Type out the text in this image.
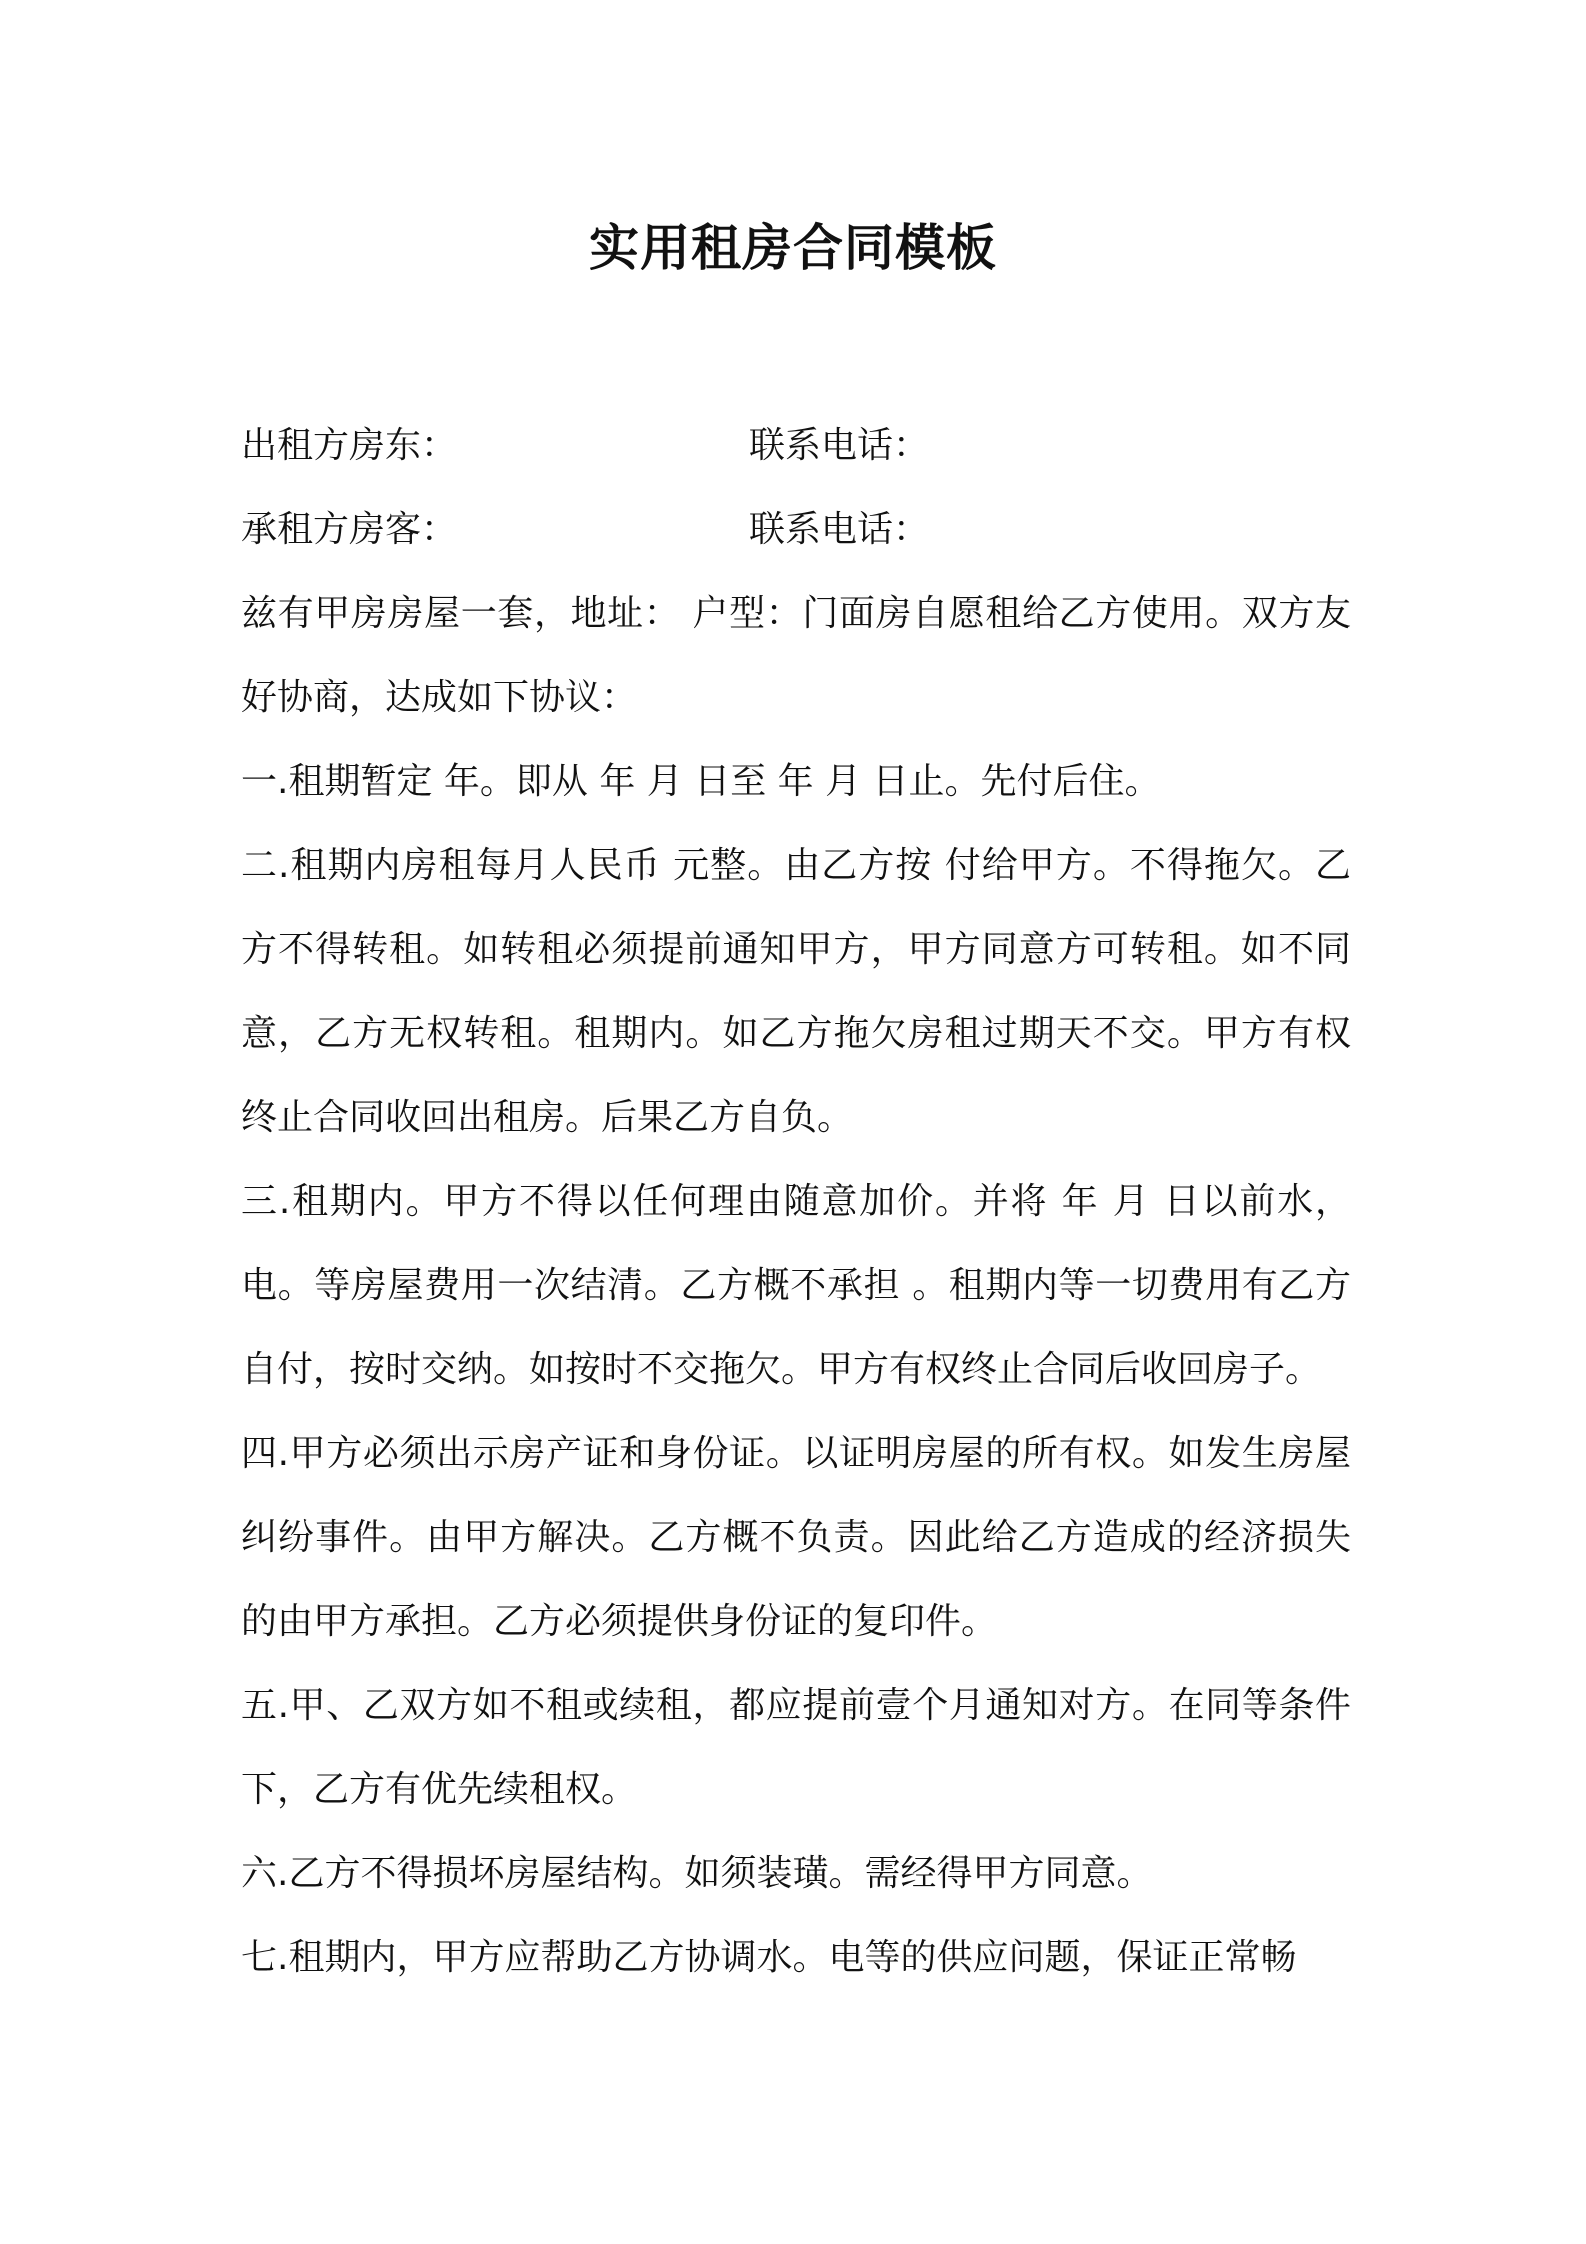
实用租房合同模板
出租方房东：	联系电话：
承租方房客：	联系电话：

兹有甲房房屋一套，地址： 户型：门面房自愿租给乙方使用。双方友好协商，达成如下协议：

一.租期暂定 年。即从 年 月 日至 年 月 日止。先付后住。

二.租期内房租每月人民币 元整。由乙方按 付给甲方。不得拖欠。乙方不得转租。如转租必须提前通知甲方，甲方同意方可转租。如不同意，乙方无权转租。租期内。如乙方拖欠房租过期天不交。甲方有权终止合同收回出租房。后果乙方自负。

三.租期内。甲方不得以任何理由随意加价。并将 年 月 日以前水，电。等房屋费用一次结清。乙方概不承担 。租期内等一切费用有乙方自付，按时交纳。如按时不交拖欠。甲方有权终止合同后收回房子。

四.甲方必须出示房产证和身份证。以证明房屋的所有权。如发生房屋纠纷事件。由甲方解决。乙方概不负责。因此给乙方造成的经济损失的由甲方承担。乙方必须提供身份证的复印件。

五.甲、乙双方如不租或续租，都应提前壹个月通知对方。在同等条件下，乙方有优先续租权。

六.乙方不得损坏房屋结构。如须装璜。需经得甲方同意。

七.租期内，甲方应帮助乙方协调水。电等的供应问题，保证正常畅
